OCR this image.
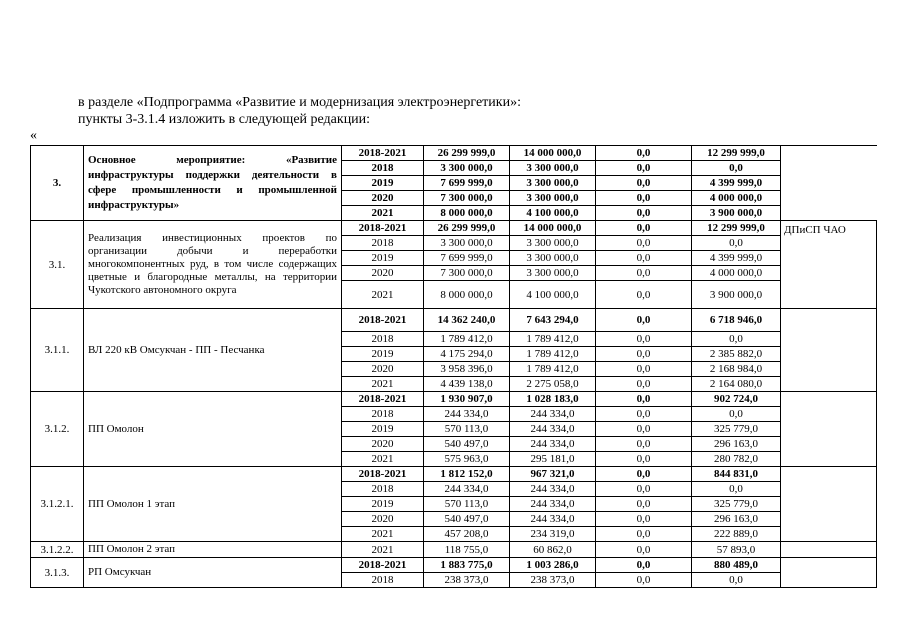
в разделе «Подпрограмма «Развитие и модернизация электроэнергетики»:
пункты 3-3.1.4 изложить в следующей редакции:
«
3.	Основное мероприятие: «Развитие инфраструктуры поддержки деятельности в сфере промышленности и промышленной инфраструктуры»	2018-2021	26 299 999,0	14 000 000,0	0,0	12 299 999,0	
		2018	3 300 000,0	3 300 000,0	0,0	0,0	
		2019	7 699 999,0	3 300 000,0	0,0	4 399 999,0	
		2020	7 300 000,0	3 300 000,0	0,0	4 000 000,0	
		2021	8 000 000,0	4 100 000,0	0,0	3 900 000,0	
3.1.	Реализация инвестиционных проектов по организации добычи и переработки многокомпонентных руд, в том числе содержащих цветные и благородные металлы, на территории Чукотского автономного округа	2018-2021	26 299 999,0	14 000 000,0	0,0	12 299 999,0	ДПиСП ЧАО
		2018	3 300 000,0	3 300 000,0	0,0	0,0	
		2019	7 699 999,0	3 300 000,0	0,0	4 399 999,0	
		2020	7 300 000,0	3 300 000,0	0,0	4 000 000,0	
		2021	8 000 000,0	4 100 000,0	0,0	3 900 000,0	
3.1.1.	ВЛ 220 кВ Омсукчан - ПП - Песчанка	2018-2021	14 362 240,0	7 643 294,0	0,0	6 718 946,0	
		2018	1 789 412,0	1 789 412,0	0,0	0,0	
		2019	4 175 294,0	1 789 412,0	0,0	2 385 882,0	
		2020	3 958 396,0	1 789 412,0	0,0	2 168 984,0	
		2021	4 439 138,0	2 275 058,0	0,0	2 164 080,0	
3.1.2.	ПП Омолон	2018-2021	1 930 907,0	1 028 183,0	0,0	902 724,0	
		2018	244 334,0	244 334,0	0,0	0,0	
		2019	570 113,0	244 334,0	0,0	325 779,0	
		2020	540 497,0	244 334,0	0,0	296 163,0	
		2021	575 963,0	295 181,0	0,0	280 782,0	
3.1.2.1.	ПП Омолон 1 этап	2018-2021	1 812 152,0	967 321,0	0,0	844 831,0	
		2018	244 334,0	244 334,0	0,0	0,0	
		2019	570 113,0	244 334,0	0,0	325 779,0	
		2020	540 497,0	244 334,0	0,0	296 163,0	
		2021	457 208,0	234 319,0	0,0	222 889,0	
3.1.2.2.	ПП Омолон 2 этап	2021	118 755,0	60 862,0	0,0	57 893,0	
3.1.3.	РП Омсукчан	2018-2021	1 883 775,0	1 003 286,0	0,0	880 489,0	
		2018	238 373,0	238 373,0	0,0	0,0	
